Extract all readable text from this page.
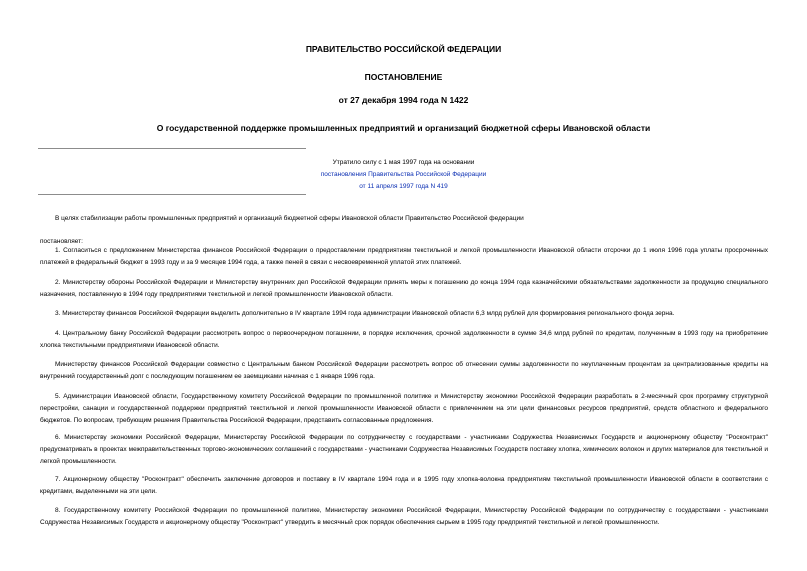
ПРАВИТЕЛЬСТВО РОССИЙСКОЙ ФЕДЕРАЦИИ
ПОСТАНОВЛЕНИЕ
от 27 декабря 1994 года N 1422
О государственной поддержке промышленных предприятий и организаций бюджетной сферы Ивановской области
Утратило силу с 1 мая 1997 года на основании
постановления Правительства Российской Федерации
от 11 апреля 1997 года N 419
В целях стабилизации работы промышленных предприятий и организаций бюджетной сферы Ивановской области Правительство Российской федерации
постановляет:
1. Согласиться с предложением Министерства финансов Российской Федерации о предоставлении предприятиям текстильной и легкой промышленности Ивановской области отсрочки до 1 июля 1996 года уплаты просроченных платежей в федеральный бюджет в 1993 году и за 9 месяцев 1994 года, а также пеней в связи с несвоевременной уплатой этих платежей.
2. Министерству обороны Российской Федерации и Министерству внутренних дел Российской Федерации принять меры к погашению до конца 1994 года казначейскими обязательствами задолженности за продукцию специального назначения, поставленную в 1994 году предприятиями текстильной и легкой промышленности Ивановской области.
3. Министерству финансов Российской Федерации выделить дополнительно в IV квартале 1994 года администрации Ивановской области 6,3 млрд рублей для формирования регионального фонда зерна.
4. Центральному банку Российской Федерации рассмотреть вопрос о первоочередном погашении, в порядке исключения, срочной задолженности в сумме 34,6 млрд рублей по кредитам, полученным в 1993 году на приобретение хлопка текстильными предприятиями Ивановской области.
Министерству финансов Российской Федерации совместно с Центральным банком Российской Федерации рассмотреть вопрос об отнесении суммы задолженности по неуплаченным процентам за централизованные кредиты на внутренний государственный долг с последующим погашением ее заемщиками начиная с 1 января 1996 года.
5. Администрации Ивановской области, Государственному комитету Российской Федерации по промышленной политике и Министерству экономики Российской Федерации разработать в 2-месячный срок программу структурной перестройки, санации и государственной поддержки предприятий текстильной и легкой промышленности Ивановской области с привлечением на эти цели финансовых ресурсов предприятий, средств областного и федерального бюджетов. По вопросам, требующим решения Правительства Российской Федерации, представить согласованные предложения.
6. Министерству экономики Российской Федерации, Министерству Российской Федерации по сотрудничеству с государствами - участниками Содружества Независимых Государств и акционерному обществу "Росконтракт" предусматривать в проектах межправительственных торгово-экономических соглашений с государствами - участниками Содружества Независимых Государств поставку хлопка, химических волокон и других материалов для текстильной и легкой промышленности.
7. Акционерному обществу "Росконтракт" обеспечить заключение договоров и поставку в IV квартале 1994 года и в 1995 году хлопка-волокна предприятиям текстильной промышленности Ивановской области в соответствии с кредитами, выделенными на эти цели.
8. Государственному комитету Российской Федерации по промышленной политике, Министерству экономики Российской Федерации, Министерству Российской Федерации по сотрудничеству с государствами - участниками Содружества Независимых Государств и акционерному обществу "Росконтракт" утвердить в месячный срок порядок обеспечения сырьем в 1995 году предприятий текстильной и легкой промышленности.
